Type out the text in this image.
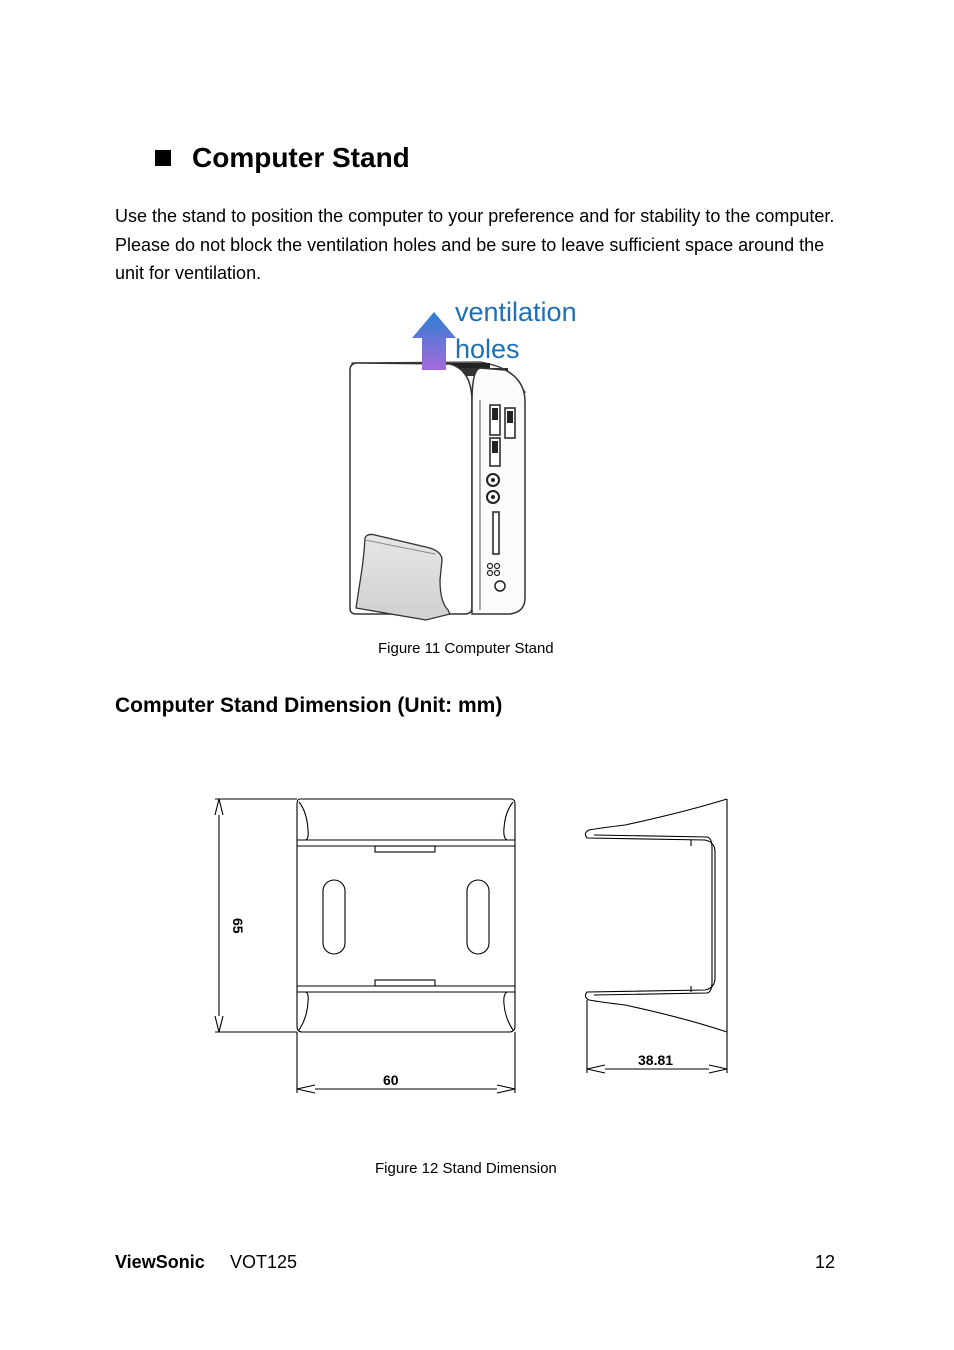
Computer Stand

Use the stand to position the computer to your preference and for stability to the computer. Please do not block the ventilation holes and be sure to leave sufficient space around the unit for ventilation.

ventilation
holes
Figure 11 Computer Stand
Computer Stand Dimension (Unit: mm)
65
60
38.81
Figure 12 Stand Dimension
ViewSonic VOT125	12
